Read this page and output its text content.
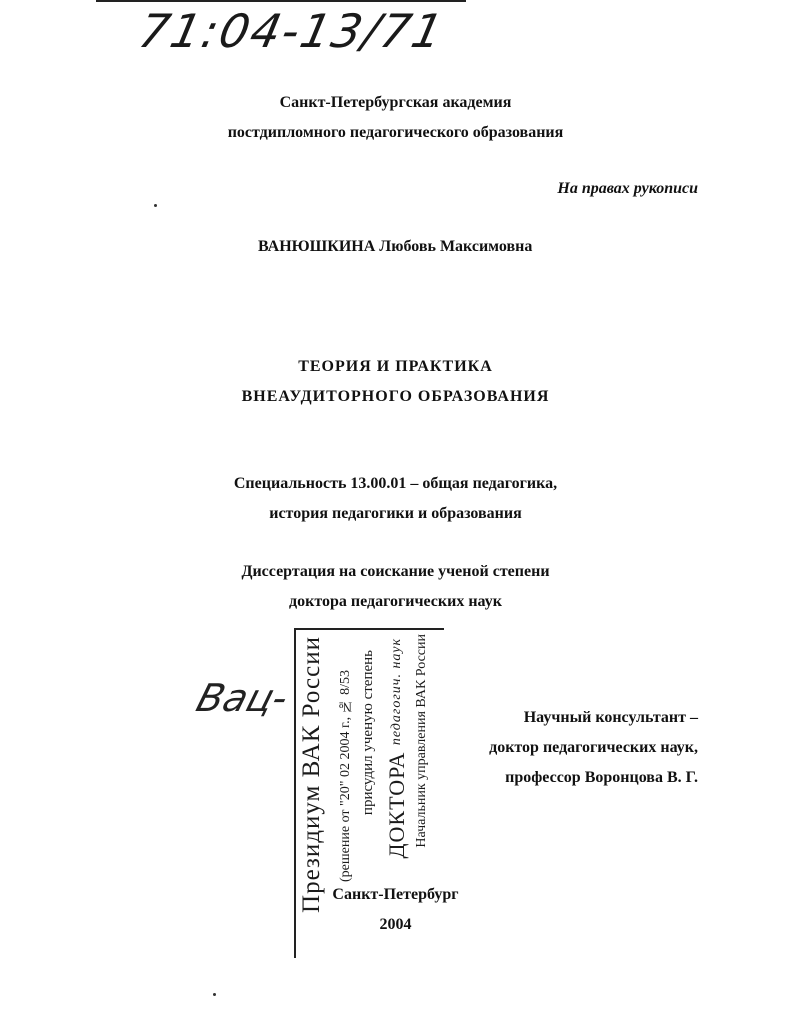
71:04-13/71
Санкт-Петербургская академия
постдипломного педагогического образования
На правах рукописи
ВАНЮШКИНА Любовь Максимовна
ТЕОРИЯ И ПРАКТИКА
ВНЕАУДИТОРНОГО ОБРАЗОВАНИЯ
Специальность 13.00.01 – общая педагогика,
история педагогики и образования
Диссертация на соискание ученой степени
доктора педагогических наук
Вац- Президиум ВАК России (решение от "20" 02 2004 г., № 8/53 присудил ученую степень ДОКТОРА педагогич. наук Начальник управления ВАК России	Научный консультант –
доктор педагогических наук,
профессор Воронцова В. Г.
Санкт-Петербург
2004
